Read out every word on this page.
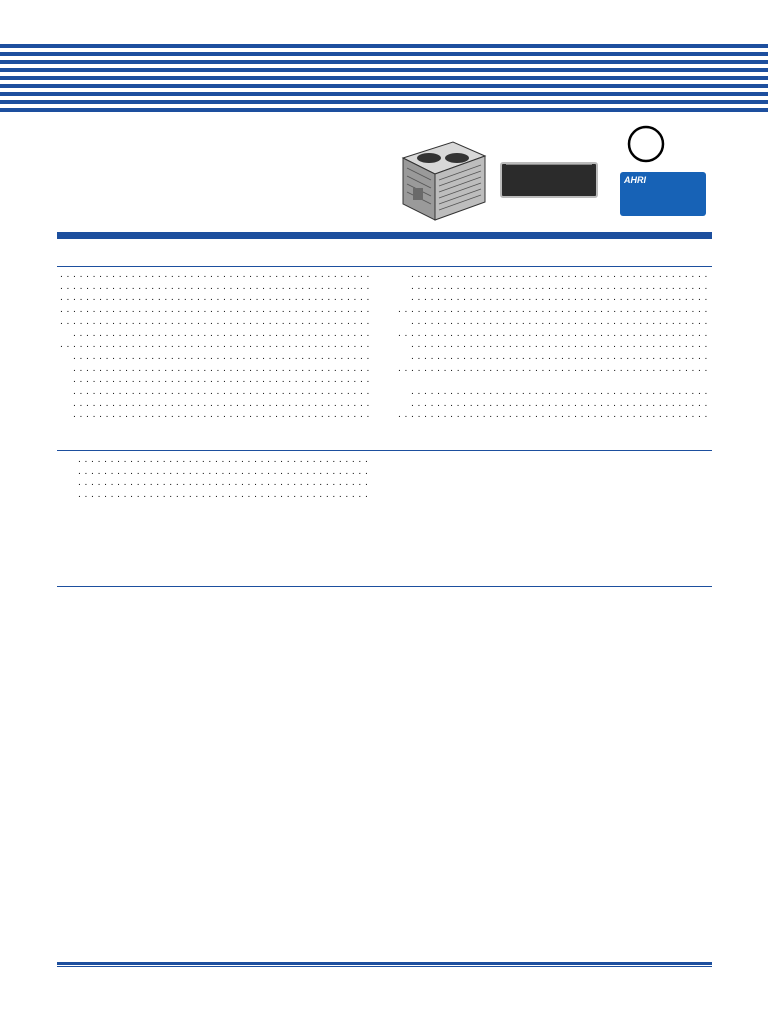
AHRI

. . .
. . .
. . .
. . .
. . .
. . .
. . .
. . .
. . .
. . .
. . .
. . .
. . .
. . .
. . .
. . .
. . .
. . .
. . .
. . .
. . .
. . .
. . .
. . .
. . .
. . .
. . .
. . .
. . .
